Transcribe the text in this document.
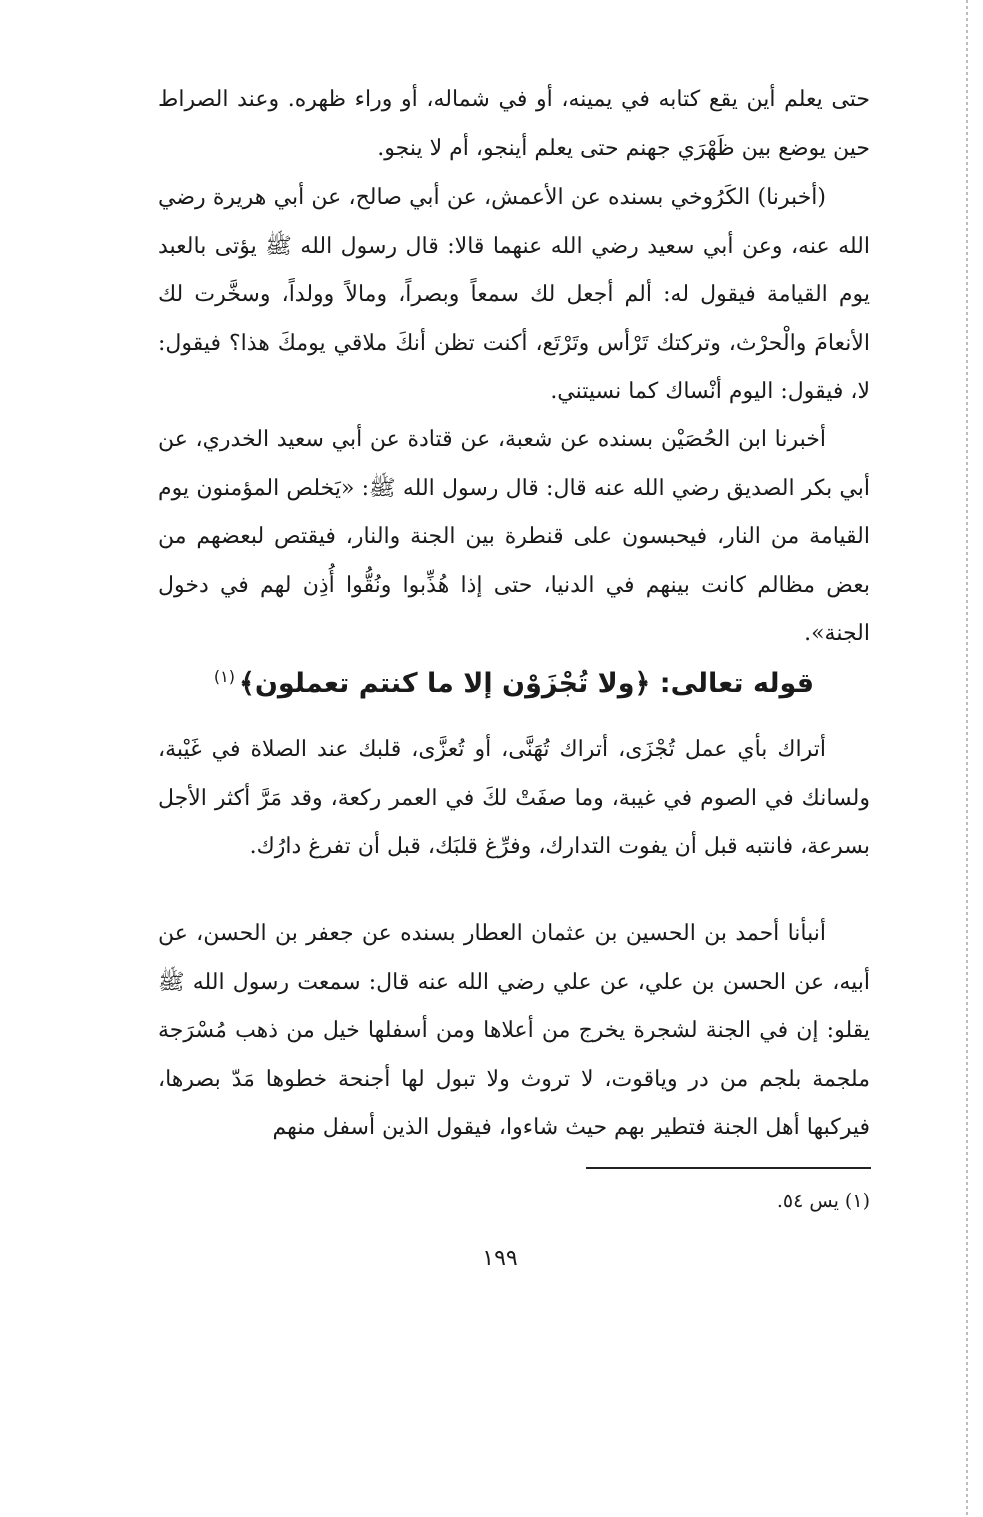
حتى يعلم أين يقع كتابه في يمينه، أو في شماله، أو وراء ظهره. وعند الصراط حين يوضع بين ظَهْرَي جهنم حتى يعلم أينجو، أم لا ينجو.

(أخبرنا) الكَرُوخي بسنده عن الأعمش، عن أبي صالح، عن أبي هريرة رضي الله عنه، وعن أبي سعيد رضي الله عنهما قالا: قال رسول الله ﷺ يؤتى بالعبد يوم القيامة فيقول له: ألم أجعل لك سمعاً وبصراً، ومالاً وولداً، وسخَّرت لك الأنعامَ والْحرْث، وتركتك تَرْأس وتَرْتَع، أكنت تظن أنكَ ملاقي يومكَ هذا؟ فيقول: لا، فيقول: اليوم أنْساك كما نسيتني.

أخبرنا ابن الحُصَيْن بسنده عن شعبة، عن قتادة عن أبي سعيد الخدري، عن أبي بكر الصديق رضي الله عنه قال: قال رسول الله ﷺ: «يَخلص المؤمنون يوم القيامة من النار، فيحبسون على قنطرة بين الجنة والنار، فيقتص لبعضهم من بعض مظالم كانت بينهم في الدنيا، حتى إذا هُذِّبوا ونُقُّوا أُذِن لهم في دخول الجنة».

قوله تعالى: ﴿ولا تُجْزَوْن إلا ما كنتم تعملون﴾$^{(١)}$

أتراك بأي عمل تُجْزَى، أتراك تُهَنَّى، أو تُعزَّى، قلبك عند الصلاة في غَيْبة، ولسانك في الصوم في غيبة، وما صفَتْ لكَ في العمر ركعة، وقد مَرَّ أكثر الأجل بسرعة، فانتبه قبل أن يفوت التدارك، وفرِّغ قلبَك، قبل أن تفرغ دارُك.

أنبأنا أحمد بن الحسين بن عثمان العطار بسنده عن جعفر بن الحسن، عن أبيه، عن الحسن بن علي، عن علي رضي الله عنه قال: سمعت رسول الله ﷺ يقلو: إن في الجنة لشجرة يخرج من أعلاها ومن أسفلها خيل من ذهب مُسْرَجة ملجمة بلجم من در وياقوت، لا تروث ولا تبول لها أجنحة خطوها مَدّ بصرها، فيركبها أهل الجنة فتطير بهم حيث شاءوا، فيقول الذين أسفل منهم

(١) يس ٥٤.
١٩٩
